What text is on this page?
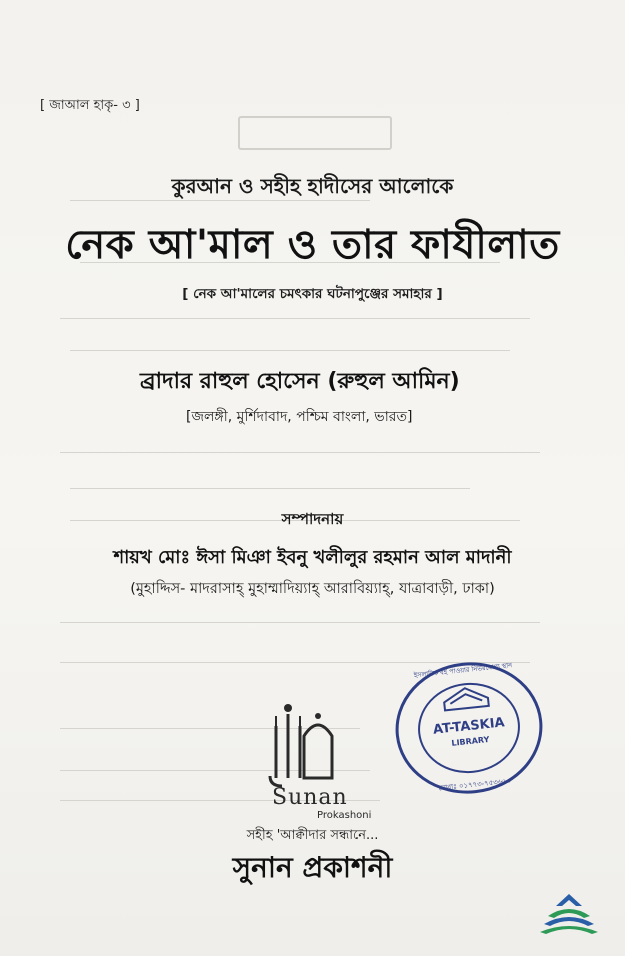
[ জাআল হাকৃ- ৩ ]
কুরআন ও সহীহ হাদীসের আলোকে
নেক আ'মাল ও তার ফাযীলাত
[ নেক আ'মালের চমৎকার ঘটনাপুঞ্জের সমাহার ]
ব্রাদার রাহুল হোসেন (রুহুল আমিন)
[জলঙ্গী, মুর্শিদাবাদ, পশ্চিম বাংলা, ভারত]
সম্পাদনায়
শায়খ মোঃ ঈসা মিঞা ইবনু খলীলুর রহমান আল মাদানী
(মুহাদ্দিস- মাদরাসাহ্ মুহাম্মাদিয়্যাহ্ আরাবিয়্যাহ্, যাত্রাবাড়ী, ঢাকা)
Sunan
Prokashoni
AT-TASKIA
LIBRARY
ইসলামিক বই পাওয়ার নির্ভরযোগ্য স্থান
মোবাঃ ০১৭৭৩-৭৫৩৬৬০
সহীহ 'আক্বীদার সন্ধানে...
সুনান প্রকাশনী
